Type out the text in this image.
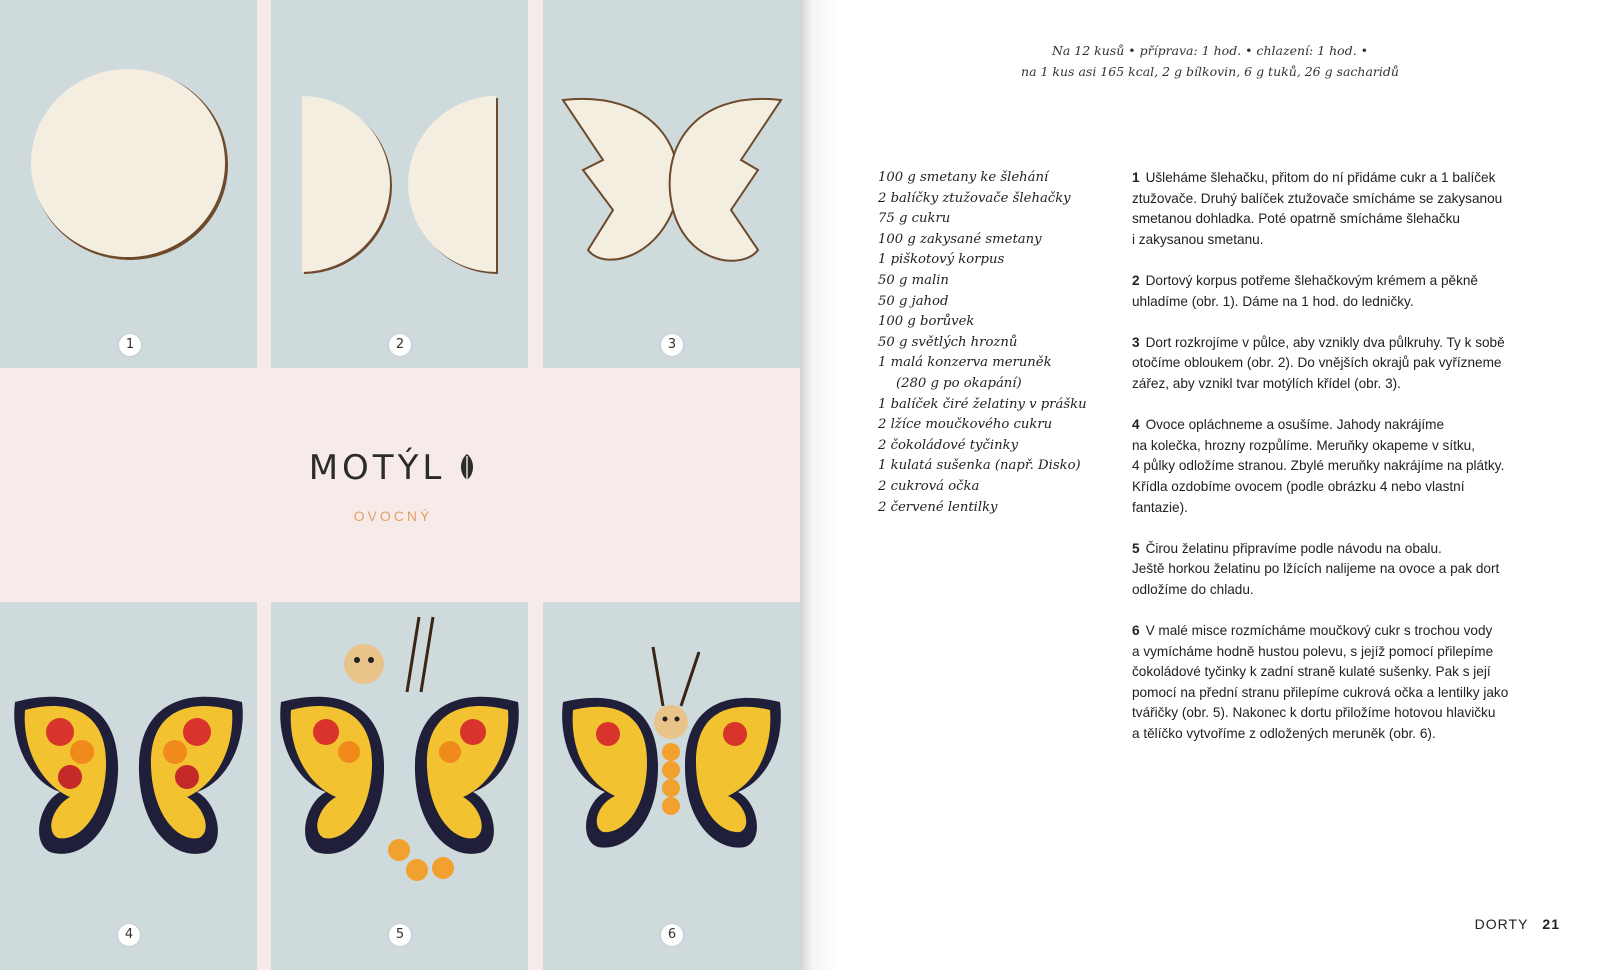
1	2	3
MOTÝL
OVOCNÝ
4	5	6
Na 12 kusů • příprava: 1 hod. • chlazení: 1 hod. •
na 1 kus asi 165 kcal, 2 g bílkovin, 6 g tuků, 26 g sacharidů
100 g smetany ke šlehání
2 balíčky ztužovače šlehačky
75 g cukru
100 g zakysané smetany
1 piškotový korpus
50 g malin
50 g jahod
100 g borůvek
50 g světlých hroznů
1 malá konzerva meruněk
(280 g po okapání)
1 balíček čiré želatiny v prášku
2 lžíce moučkového cukru
2 čokoládové tyčinky
1 kulatá sušenka (např. Disko)
2 cukrová očka
2 červené lentilky
1 Ušleháme šlehačku, přitom do ní přidáme cukr a 1 balíček
ztužovače. Druhý balíček ztužovače smícháme se zakysanou
smetanou dohladka. Poté opatrně smícháme šlehačku
i zakysanou smetanu.
2 Dortový korpus potřeme šlehačkovým krémem a pěkně
uhladíme (obr. 1). Dáme na 1 hod. do ledničky.
3 Dort rozkrojíme v půlce, aby vznikly dva půlkruhy. Ty k sobě
otočíme obloukem (obr. 2). Do vnějších okrajů pak vyřízneme
zářez, aby vznikl tvar motýlích křídel (obr. 3).
4 Ovoce opláchneme a osušíme. Jahody nakrájíme
na kolečka, hrozny rozpůlíme. Meruňky okapeme v sítku,
4 půlky odložíme stranou. Zbylé meruňky nakrájíme na plátky.
Křídla ozdobíme ovocem (podle obrázku 4 nebo vlastní
fantazie).
5 Čirou želatinu připravíme podle návodu na obalu.
Ještě horkou želatinu po lžících nalijeme na ovoce a pak dort
odložíme do chladu.
6 V malé misce rozmícháme moučkový cukr s trochou vody
a vymícháme hodně hustou polevu, s jejíž pomocí přilepíme
čokoládové tyčinky k zadní straně kulaté sušenky. Pak s její
pomocí na přední stranu přilepíme cukrová očka a lentilky jako
tvářičky (obr. 5). Nakonec k dortu přiložíme hotovou hlavičku
a tělíčko vytvoříme z odložených meruněk (obr. 6).
DORTY 21
